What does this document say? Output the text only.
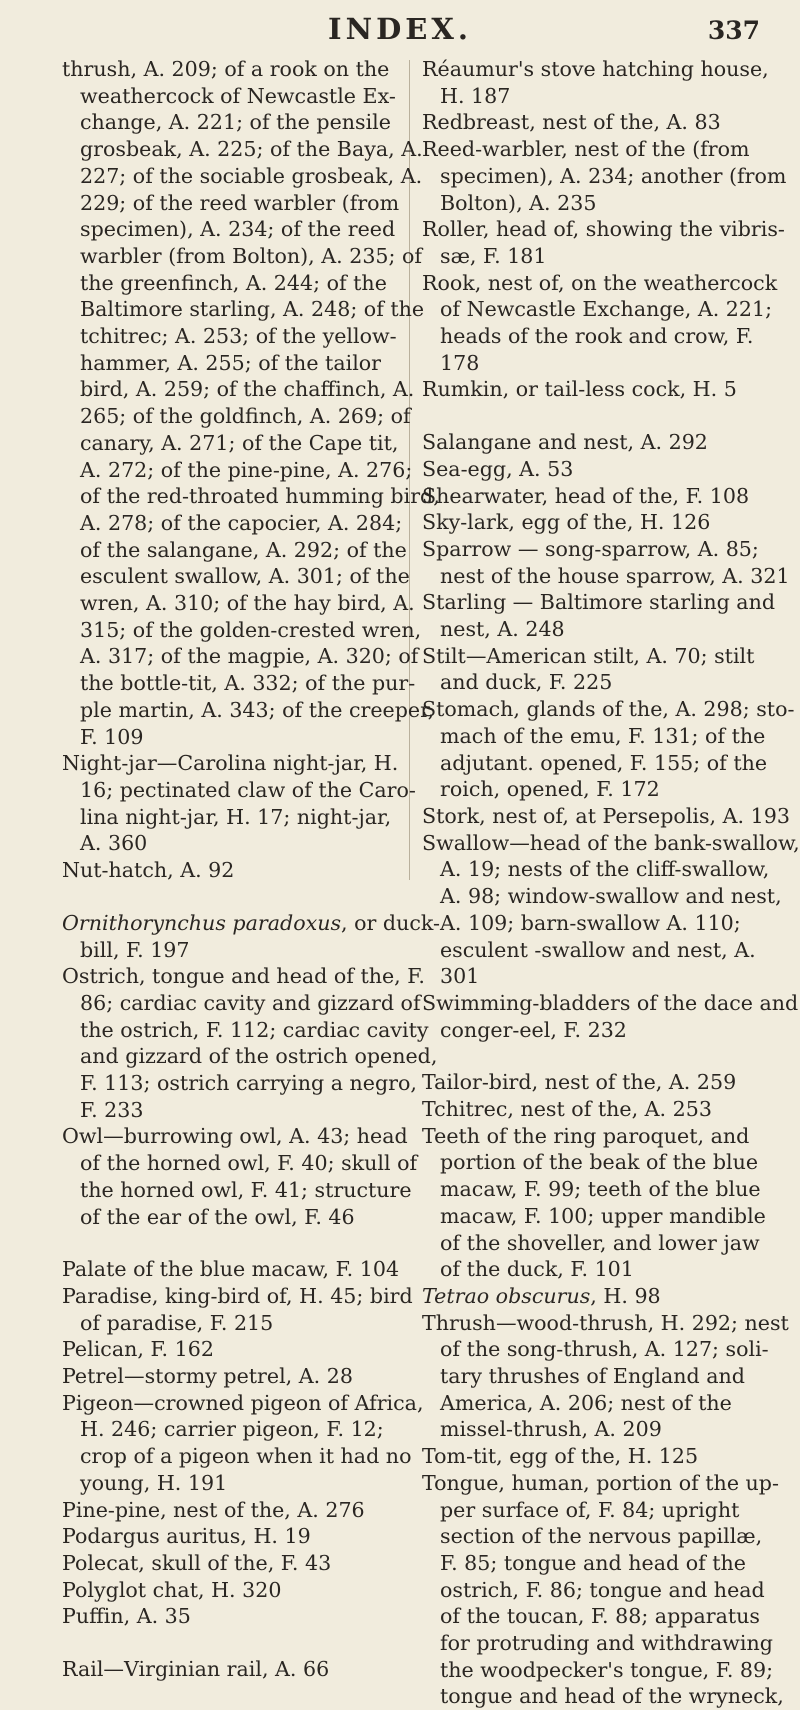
INDEX.	337
thrush, A. 209; of a rook on the
weathercock of Newcastle Ex-
change, A. 221; of the pensile
grosbeak, A. 225; of the Baya, A.
227; of the sociable grosbeak, A.
229; of the reed warbler (from
specimen), A. 234; of the reed
warbler (from Bolton), A. 235; of
the greenfinch, A. 244; of the
Baltimore starling, A. 248; of the
tchitrec; A. 253; of the yellow-
hammer, A. 255; of the tailor
bird, A. 259; of the chaffinch, A.
265; of the goldfinch, A. 269; of
canary, A. 271; of the Cape tit,
A. 272; of the pine-pine, A. 276;
of the red-throated humming bird,
A. 278; of the capocier, A. 284;
of the salangane, A. 292; of the
esculent swallow, A. 301; of the
wren, A. 310; of the hay bird, A.
315; of the golden-crested wren,
A. 317; of the magpie, A. 320; of
the bottle-tit, A. 332; of the pur-
ple martin, A. 343; of the creeper,
F. 109
Night-jar—Carolina night-jar, H.
16; pectinated claw of the Caro-
lina night-jar, H. 17; night-jar,
A. 360
Nut-hatch, A. 92
Ornithorynchus paradoxus, or duck-
bill, F. 197
Ostrich, tongue and head of the, F.
86; cardiac cavity and gizzard of
the ostrich, F. 112; cardiac cavity
and gizzard of the ostrich opened,
F. 113; ostrich carrying a negro,
F. 233
Owl—burrowing owl, A. 43; head
of the horned owl, F. 40; skull of
the horned owl, F. 41; structure
of the ear of the owl, F. 46
Palate of the blue macaw, F. 104
Paradise, king-bird of, H. 45; bird
of paradise, F. 215
Pelican, F. 162
Petrel—stormy petrel, A. 28
Pigeon—crowned pigeon of Africa,
H. 246; carrier pigeon, F. 12;
crop of a pigeon when it had no
young, H. 191
Pine-pine, nest of the, A. 276
Podargus auritus, H. 19
Polecat, skull of the, F. 43
Polyglot chat, H. 320
Puffin, A. 35
Rail—Virginian rail, A. 66
Réaumur's stove hatching house,
H. 187
Redbreast, nest of the, A. 83
Reed-warbler, nest of the (from
specimen), A. 234; another (from
Bolton), A. 235
Roller, head of, showing the vibris-
sæ, F. 181
Rook, nest of, on the weathercock
of Newcastle Exchange, A. 221;
heads of the rook and crow, F.
178
Rumkin, or tail-less cock, H. 5
Salangane and nest, A. 292
Sea-egg, A. 53
Shearwater, head of the, F. 108
Sky-lark, egg of the, H. 126
Sparrow — song-sparrow, A. 85;
nest of the house sparrow, A. 321
Starling — Baltimore starling and
nest, A. 248
Stilt—American stilt, A. 70; stilt
and duck, F. 225
Stomach, glands of the, A. 298; sto-
mach of the emu, F. 131; of the
adjutant. opened, F. 155; of the
roich, opened, F. 172
Stork, nest of, at Persepolis, A. 193
Swallow—head of the bank-swallow,
A. 19; nests of the cliff-swallow,
A. 98; window-swallow and nest,
A. 109; barn-swallow A. 110;
esculent -swallow and nest, A.
301
Swimming-bladders of the dace and
conger-eel, F. 232
Tailor-bird, nest of the, A. 259
Tchitrec, nest of the, A. 253
Teeth of the ring paroquet, and
portion of the beak of the blue
macaw, F. 99; teeth of the blue
macaw, F. 100; upper mandible
of the shoveller, and lower jaw
of the duck, F. 101
Tetrao obscurus, H. 98
Thrush—wood-thrush, H. 292; nest
of the song-thrush, A. 127; soli-
tary thrushes of England and
America, A. 206; nest of the
missel-thrush, A. 209
Tom-tit, egg of the, H. 125
Tongue, human, portion of the up-
per surface of, F. 84; upright
section of the nervous papillæ,
F. 85; tongue and head of the
ostrich, F. 86; tongue and head
of the toucan, F. 88; apparatus
for protruding and withdrawing
the woodpecker's tongue, F. 89;
tongue and head of the wryneck,
